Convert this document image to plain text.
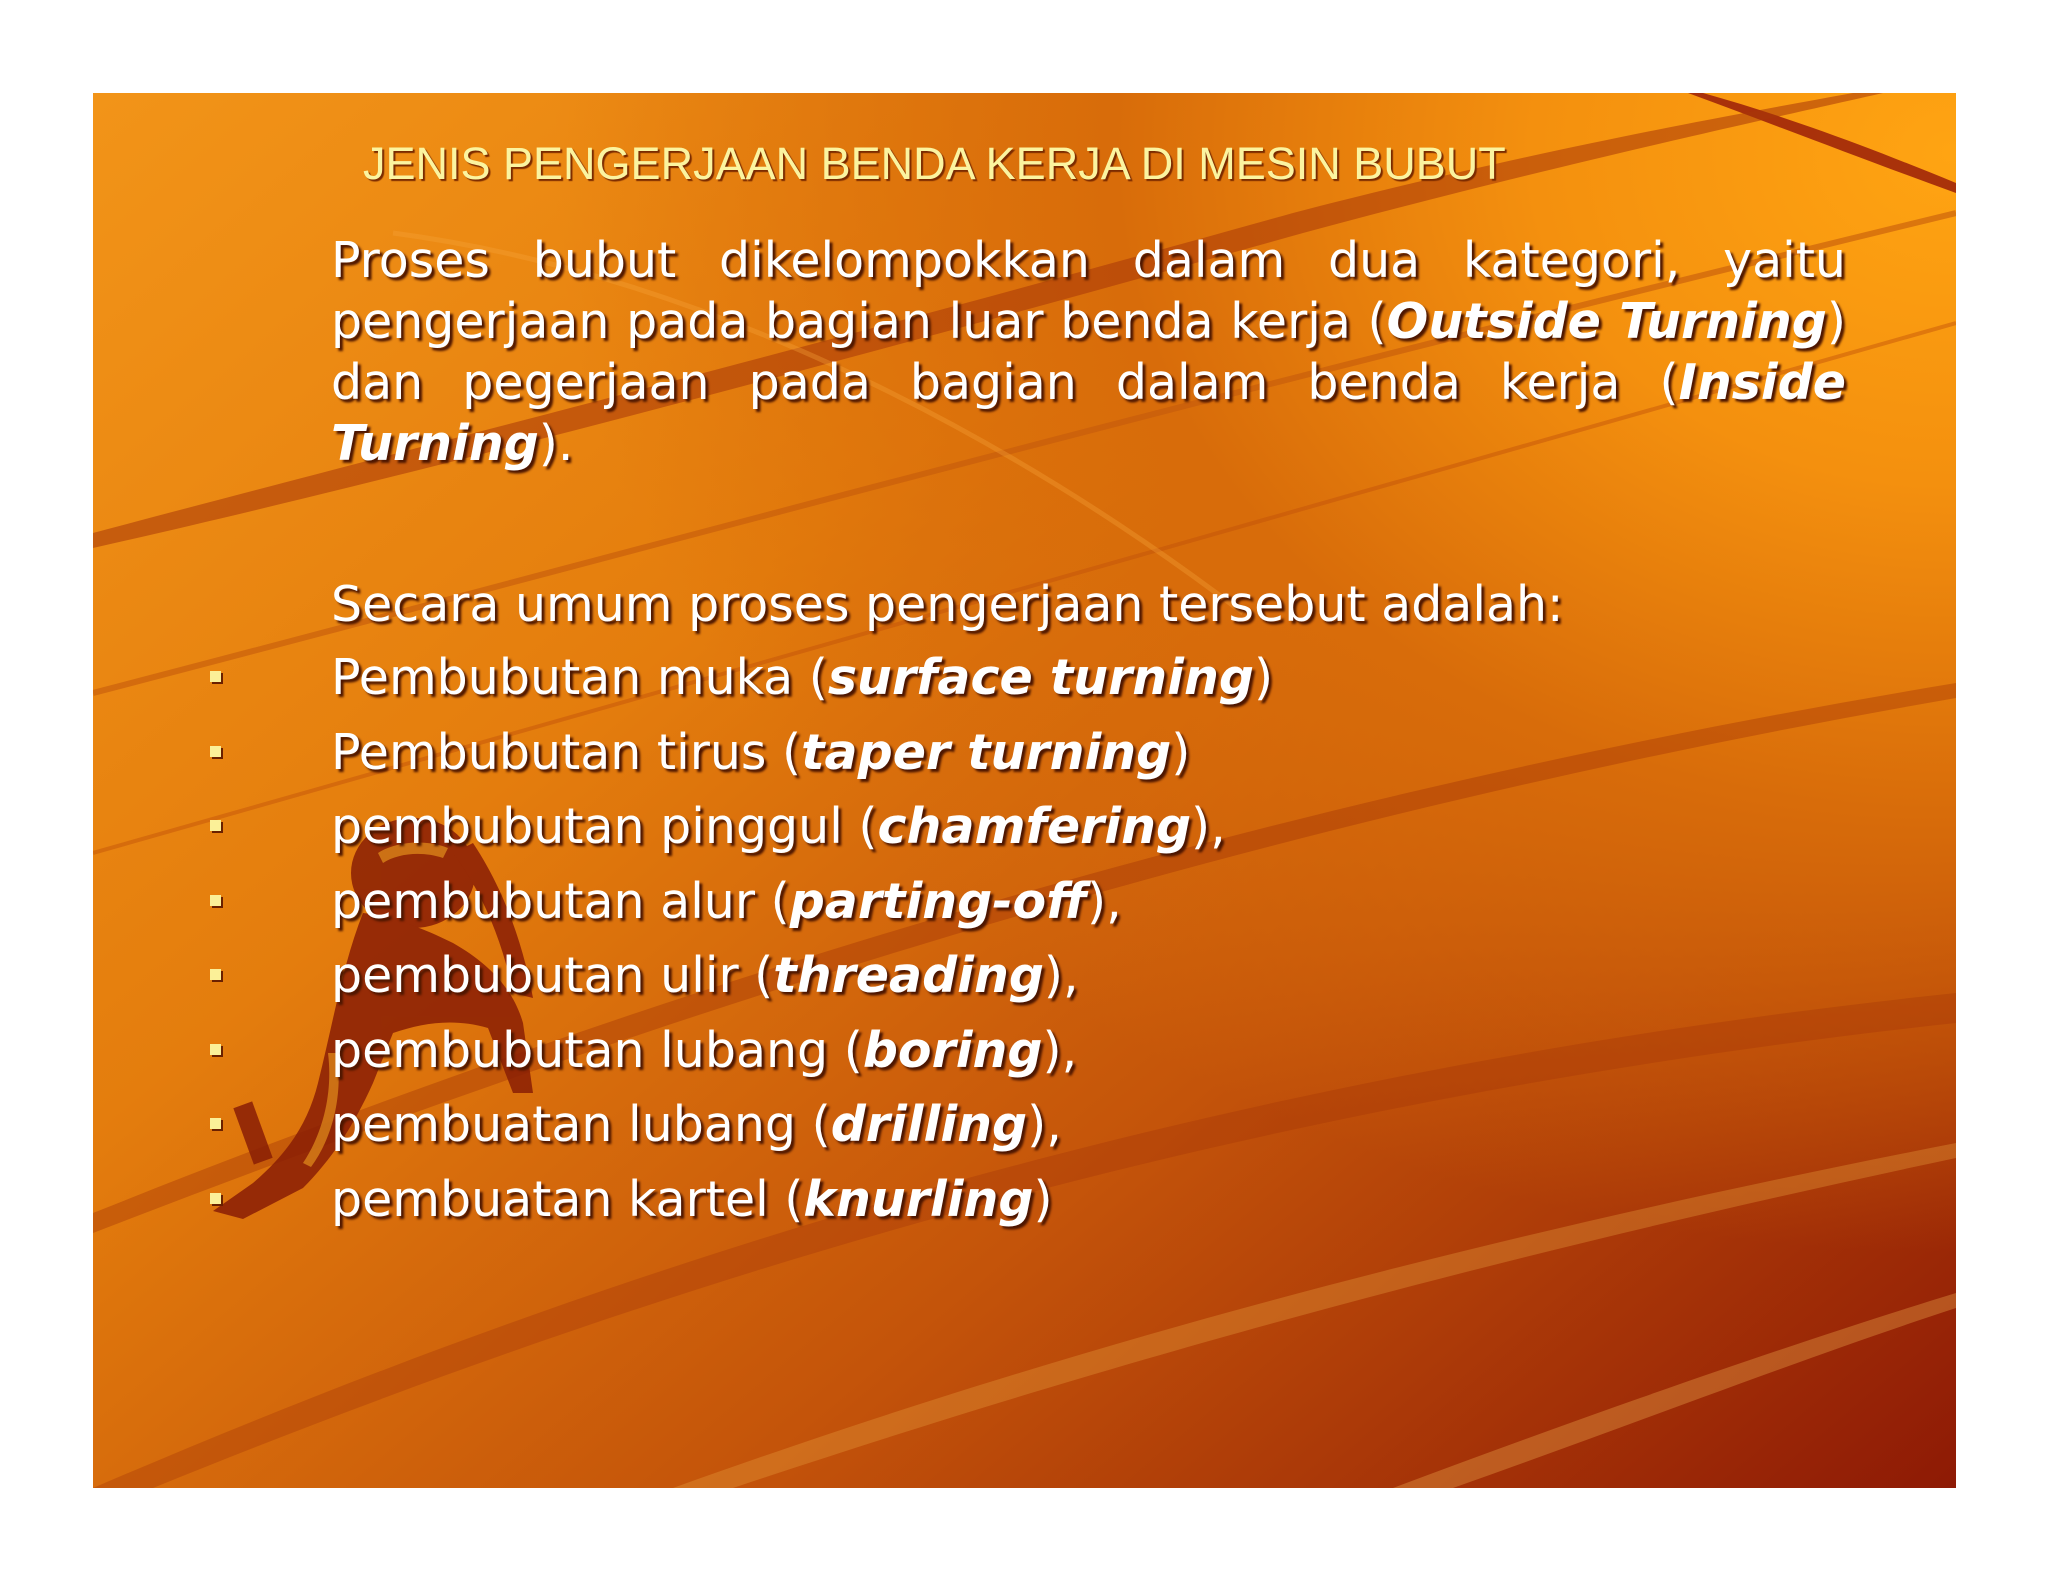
JENIS PENGERJAAN BENDA KERJA DI MESIN BUBUT

Proses bubut dikelompokkan dalam dua kategori, yaitu pengerjaan pada bagian luar benda kerja (Outside Turning) dan pegerjaan pada bagian dalam benda kerja (Inside Turning).

Secara umum proses pengerjaan tersebut adalah:

Pembubutan muka (surface turning)
Pembubutan tirus (taper turning)
pembubutan pinggul (chamfering),
pembubutan alur (parting-off),
pembubutan ulir (threading),
pembubutan lubang (boring),
pembuatan lubang (drilling),
pembuatan kartel (knurling)
